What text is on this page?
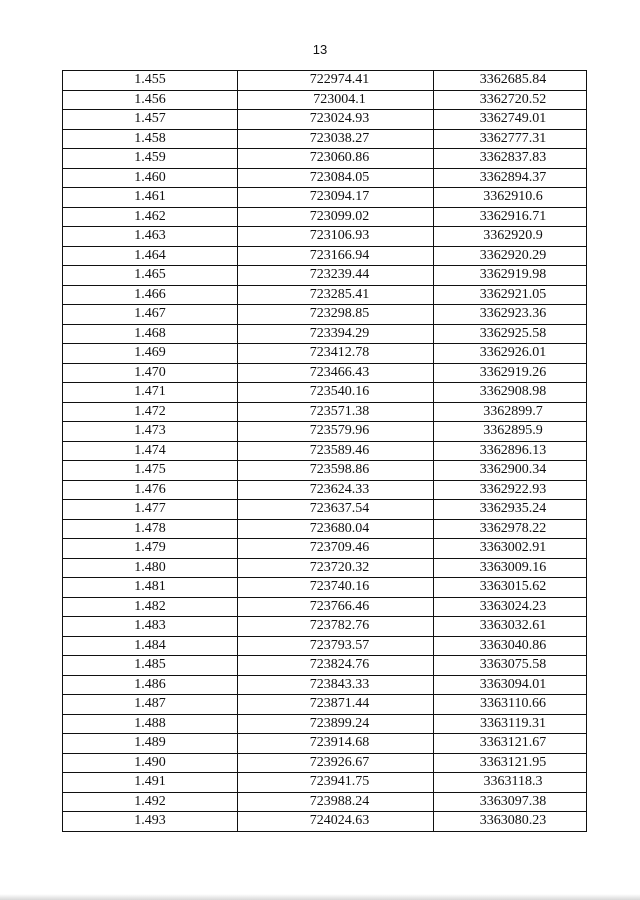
13
1.455	722974.41	3362685.84
1.456	723004.1	3362720.52
1.457	723024.93	3362749.01
1.458	723038.27	3362777.31
1.459	723060.86	3362837.83
1.460	723084.05	3362894.37
1.461	723094.17	3362910.6
1.462	723099.02	3362916.71
1.463	723106.93	3362920.9
1.464	723166.94	3362920.29
1.465	723239.44	3362919.98
1.466	723285.41	3362921.05
1.467	723298.85	3362923.36
1.468	723394.29	3362925.58
1.469	723412.78	3362926.01
1.470	723466.43	3362919.26
1.471	723540.16	3362908.98
1.472	723571.38	3362899.7
1.473	723579.96	3362895.9
1.474	723589.46	3362896.13
1.475	723598.86	3362900.34
1.476	723624.33	3362922.93
1.477	723637.54	3362935.24
1.478	723680.04	3362978.22
1.479	723709.46	3363002.91
1.480	723720.32	3363009.16
1.481	723740.16	3363015.62
1.482	723766.46	3363024.23
1.483	723782.76	3363032.61
1.484	723793.57	3363040.86
1.485	723824.76	3363075.58
1.486	723843.33	3363094.01
1.487	723871.44	3363110.66
1.488	723899.24	3363119.31
1.489	723914.68	3363121.67
1.490	723926.67	3363121.95
1.491	723941.75	3363118.3
1.492	723988.24	3363097.38
1.493	724024.63	3363080.23
